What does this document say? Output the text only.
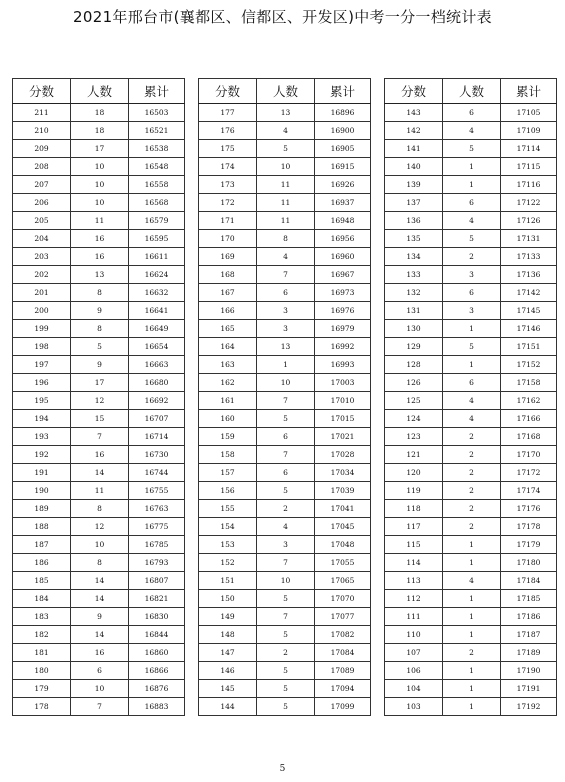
2021年邢台市(襄都区、信都区、开发区)中考一分一档统计表
分数	人数	累计
211	18	16503
210	18	16521
209	17	16538
208	10	16548
207	10	16558
206	10	16568
205	11	16579
204	16	16595
203	16	16611
202	13	16624
201	8	16632
200	9	16641
199	8	16649
198	5	16654
197	9	16663
196	17	16680
195	12	16692
194	15	16707
193	7	16714
192	16	16730
191	14	16744
190	11	16755
189	8	16763
188	12	16775
187	10	16785
186	8	16793
185	14	16807
184	14	16821
183	9	16830
182	14	16844
181	16	16860
180	6	16866
179	10	16876
178	7	16883
分数	人数	累计
177	13	16896
176	4	16900
175	5	16905
174	10	16915
173	11	16926
172	11	16937
171	11	16948
170	8	16956
169	4	16960
168	7	16967
167	6	16973
166	3	16976
165	3	16979
164	13	16992
163	1	16993
162	10	17003
161	7	17010
160	5	17015
159	6	17021
158	7	17028
157	6	17034
156	5	17039
155	2	17041
154	4	17045
153	3	17048
152	7	17055
151	10	17065
150	5	17070
149	7	17077
148	5	17082
147	2	17084
146	5	17089
145	5	17094
144	5	17099
分数	人数	累计
143	6	17105
142	4	17109
141	5	17114
140	1	17115
139	1	17116
137	6	17122
136	4	17126
135	5	17131
134	2	17133
133	3	17136
132	6	17142
131	3	17145
130	1	17146
129	5	17151
128	1	17152
126	6	17158
125	4	17162
124	4	17166
123	2	17168
121	2	17170
120	2	17172
119	2	17174
118	2	17176
117	2	17178
115	1	17179
114	1	17180
113	4	17184
112	1	17185
111	1	17186
110	1	17187
107	2	17189
106	1	17190
104	1	17191
103	1	17192
5
